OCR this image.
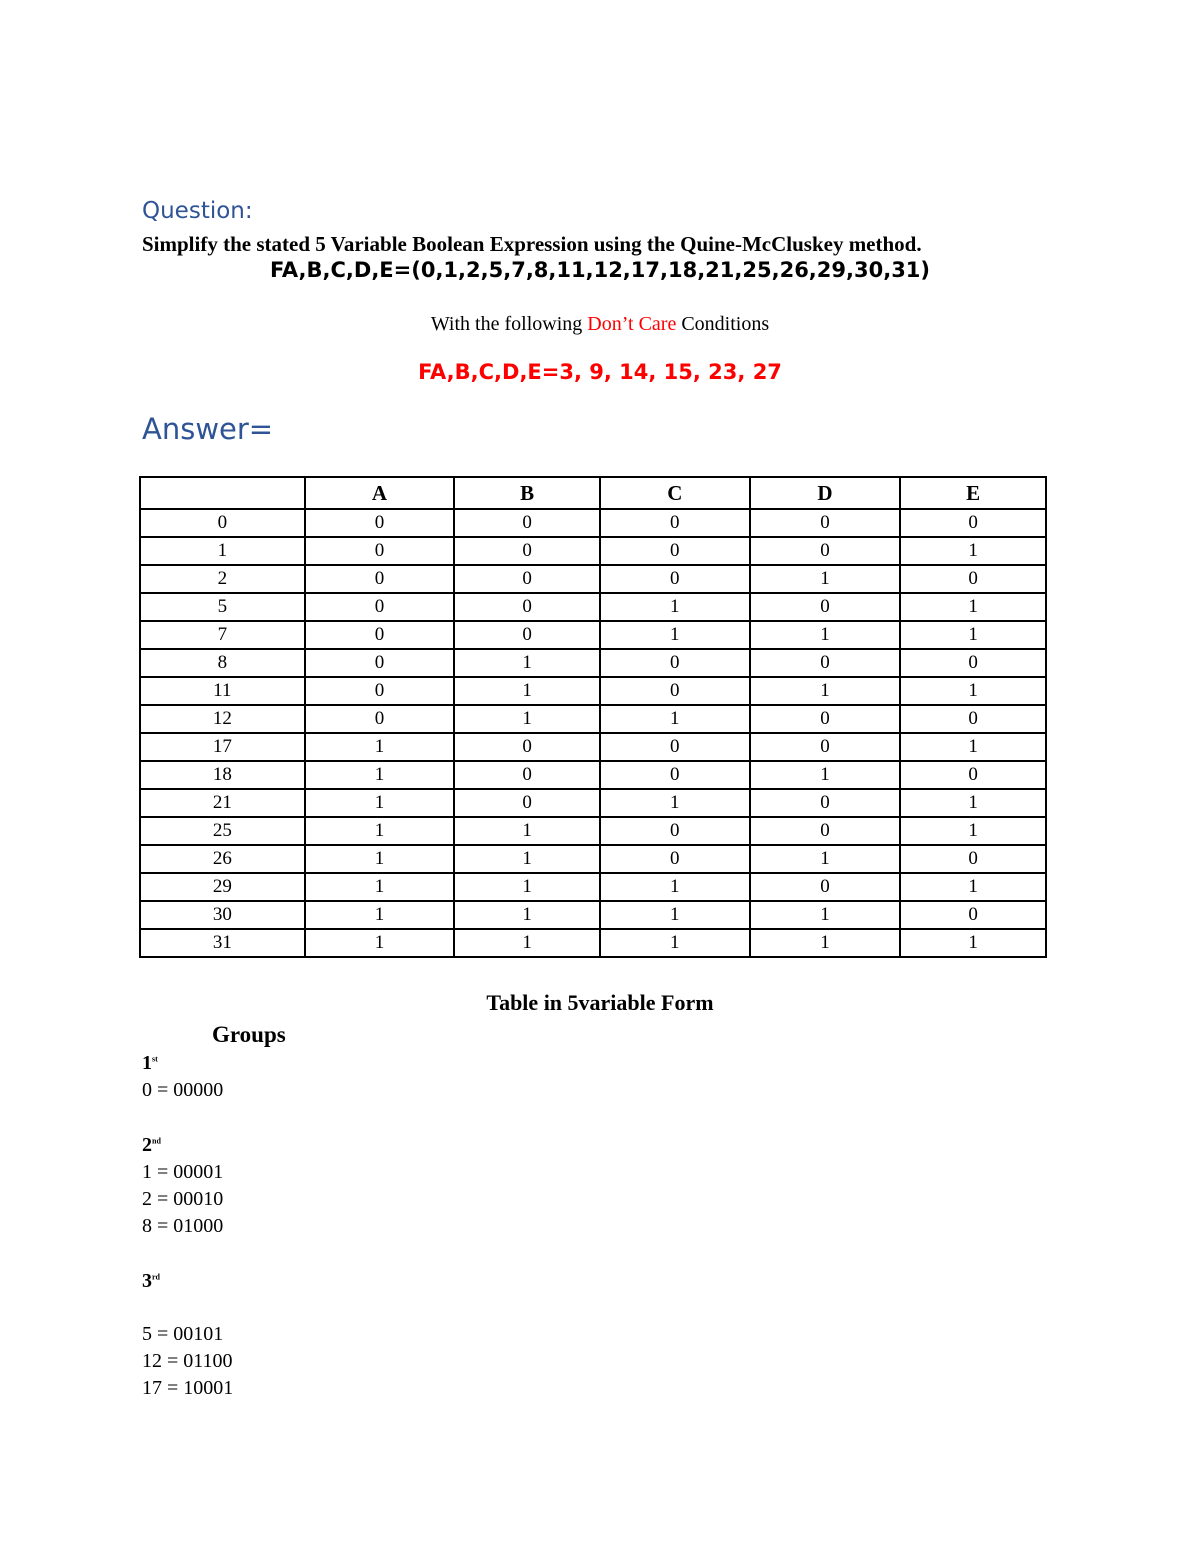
Question:
Simplify the stated 5 Variable Boolean Expression using the Quine-McCluskey method.
FA,B,C,D,E=(0,1,2,5,7,8,11,12,17,18,21,25,26,29,30,31)
With the following Don’t Care Conditions
FA,B,C,D,E=3, 9, 14, 15, 23, 27
Answer=
	A	B	C	D	E
0	0	0	0	0	0
1	0	0	0	0	1
2	0	0	0	1	0
5	0	0	1	0	1
7	0	0	1	1	1
8	0	1	0	0	0
11	0	1	0	1	1
12	0	1	1	0	0
17	1	0	0	0	1
18	1	0	0	1	0
21	1	0	1	0	1
25	1	1	0	0	1
26	1	1	0	1	0
29	1	1	1	0	1
30	1	1	1	1	0
31	1	1	1	1	1
Table in 5variable Form
Groups
1st
0 = 00000
2nd
1 = 00001
2 = 00010
8 = 01000
3rd
5 = 00101
12 = 01100
17 = 10001
